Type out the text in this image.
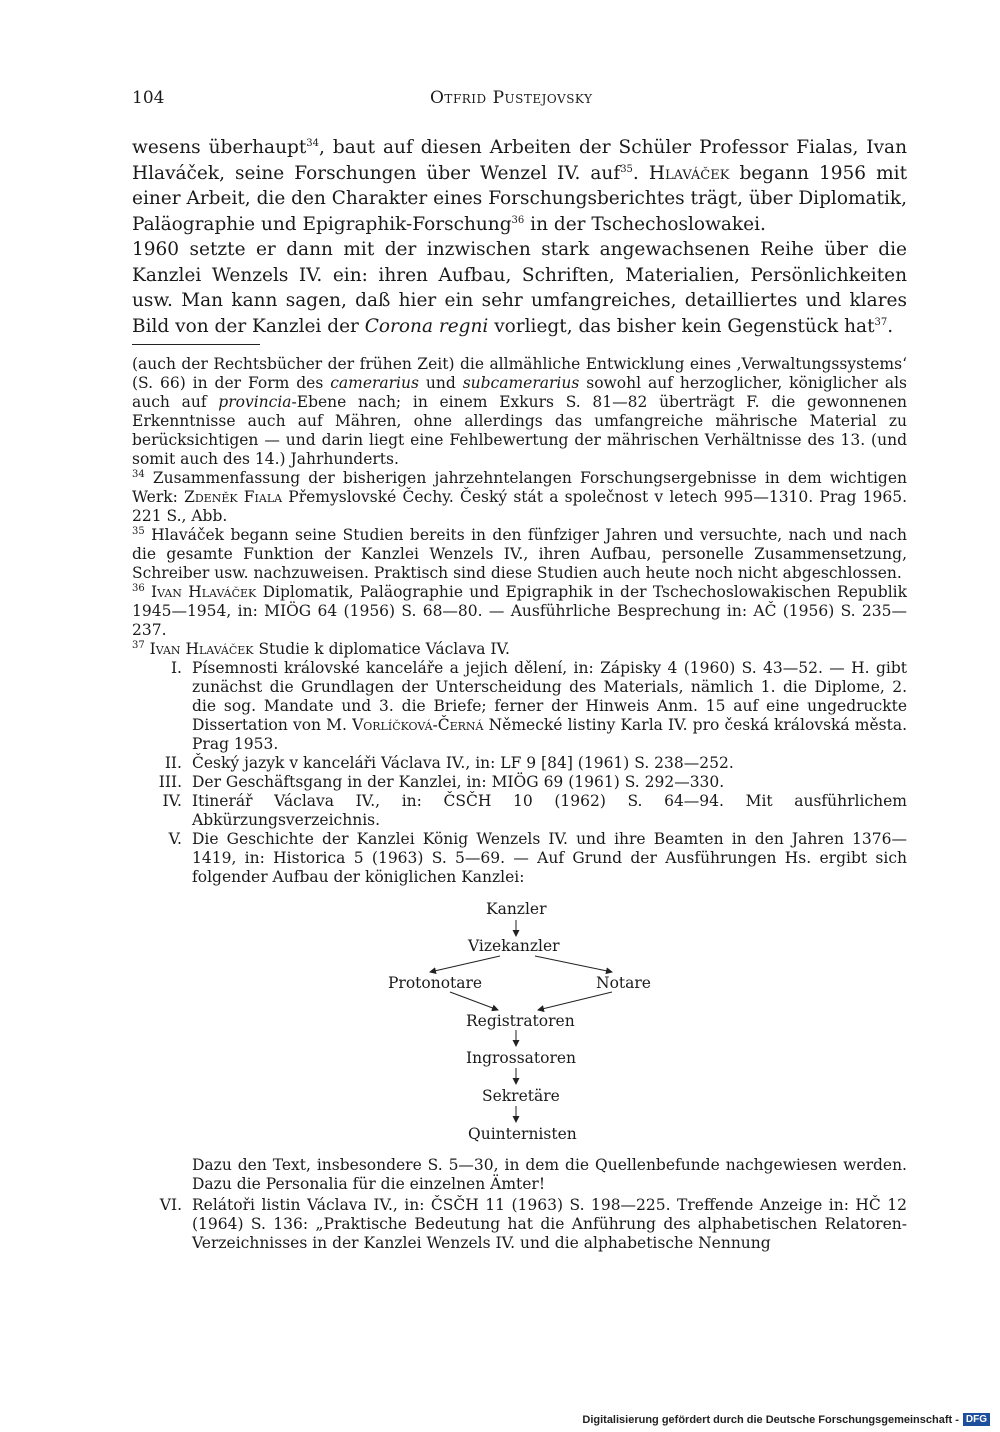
104	Otfrid Pustejovsky

wesens überhaupt$^{34}$, baut auf diesen Arbeiten der Schüler Professor Fialas, Ivan Hlaváček, seine Forschungen über Wenzel IV. auf$^{35}$. Hlaváček begann 1956 mit einer Arbeit, die den Charakter eines Forschungsberichtes trägt, über Diplomatik, Paläographie und Epigraphik-Forschung$^{36}$ in der Tschechoslowakei.

1960 setzte er dann mit der inzwischen stark angewachsenen Reihe über die Kanzlei Wenzels IV. ein: ihren Aufbau, Schriften, Materialien, Persönlichkeiten usw. Man kann sagen, daß hier ein sehr umfangreiches, detailliertes und klares Bild von der Kanzlei der Corona regni vorliegt, das bisher kein Gegenstück hat$^{37}$.

(auch der Rechtsbücher der frühen Zeit) die allmähliche Entwicklung eines ‚Verwaltungssystems‘ (S. 66) in der Form des camerarius und subcamerarius sowohl auf herzoglicher, königlicher als auch auf provincia-Ebene nach; in einem Exkurs S. 81—82 überträgt F. die gewonnenen Erkenntnisse auch auf Mähren, ohne allerdings das umfangreiche mährische Material zu berücksichtigen — und darin liegt eine Fehlbewertung der mährischen Verhältnisse des 13. (und somit auch des 14.) Jahrhunderts.

$^{34}$ Zusammenfassung der bisherigen jahrzehntelangen Forschungsergebnisse in dem wichtigen Werk: Zdeněk Fiala Přemyslovské Čechy. Český stát a společnost v letech 995—1310. Prag 1965. 221 S., Abb.

$^{35}$ Hlaváček begann seine Studien bereits in den fünfziger Jahren und versuchte, nach und nach die gesamte Funktion der Kanzlei Wenzels IV., ihren Aufbau, personelle Zusammensetzung, Schreiber usw. nachzuweisen. Praktisch sind diese Studien auch heute noch nicht abgeschlossen.

$^{36}$ Ivan Hlaváček Diplomatik, Paläographie und Epigraphik in der Tschechoslowakischen Republik 1945—1954, in: MIÖG 64 (1956) S. 68—80. — Ausführliche Besprechung in: AČ (1956) S. 235—237.

$^{37}$ Ivan Hlaváček Studie k diplomatice Václava IV.

I. Písemnosti královské kanceláře a jejich dělení, in: Zápisky 4 (1960) S. 43—52. — H. gibt zunächst die Grundlagen der Unterscheidung des Materials, nämlich 1. die Diplome, 2. die sog. Mandate und 3. die Briefe; ferner der Hinweis Anm. 15 auf eine ungedruckte Dissertation von M. Vorlíčková-Černá Německé listiny Karla IV. pro česká královská města. Prag 1953.
II. Český jazyk v kanceláři Václava IV., in: LF 9 [84] (1961) S. 238—252.
III. Der Geschäftsgang in der Kanzlei, in: MIÖG 69 (1961) S. 292—330.
IV. Itinerář Václava IV., in: ČSČH 10 (1962) S. 64—94. Mit ausführlichem Abkürzungsverzeichnis.
V. Die Geschichte der Kanzlei König Wenzels IV. und ihre Beamten in den Jahren 1376—1419, in: Historica 5 (1963) S. 5—69. — Auf Grund der Ausführungen Hs. ergibt sich folgender Aufbau der königlichen Kanzlei:
Kanzler
Vizekanzler
Protonotare	Notare
Registratoren
Ingrossatoren
Sekretäre
Quinternisten

Dazu den Text, insbesondere S. 5—30, in dem die Quellenbefunde nachgewiesen werden. Dazu die Personalia für die einzelnen Ämter!

VI. Relátoři listin Václava IV., in: ČSČH 11 (1963) S. 198—225. Treffende Anzeige in: HČ 12 (1964) S. 136: „Praktische Bedeutung hat die Anführung des alphabetischen Relatoren-Verzeichnisses in der Kanzlei Wenzels IV. und die alphabetische Nennung
Digitalisierung gefördert durch die Deutsche Forschungsgemeinschaft - DFG
